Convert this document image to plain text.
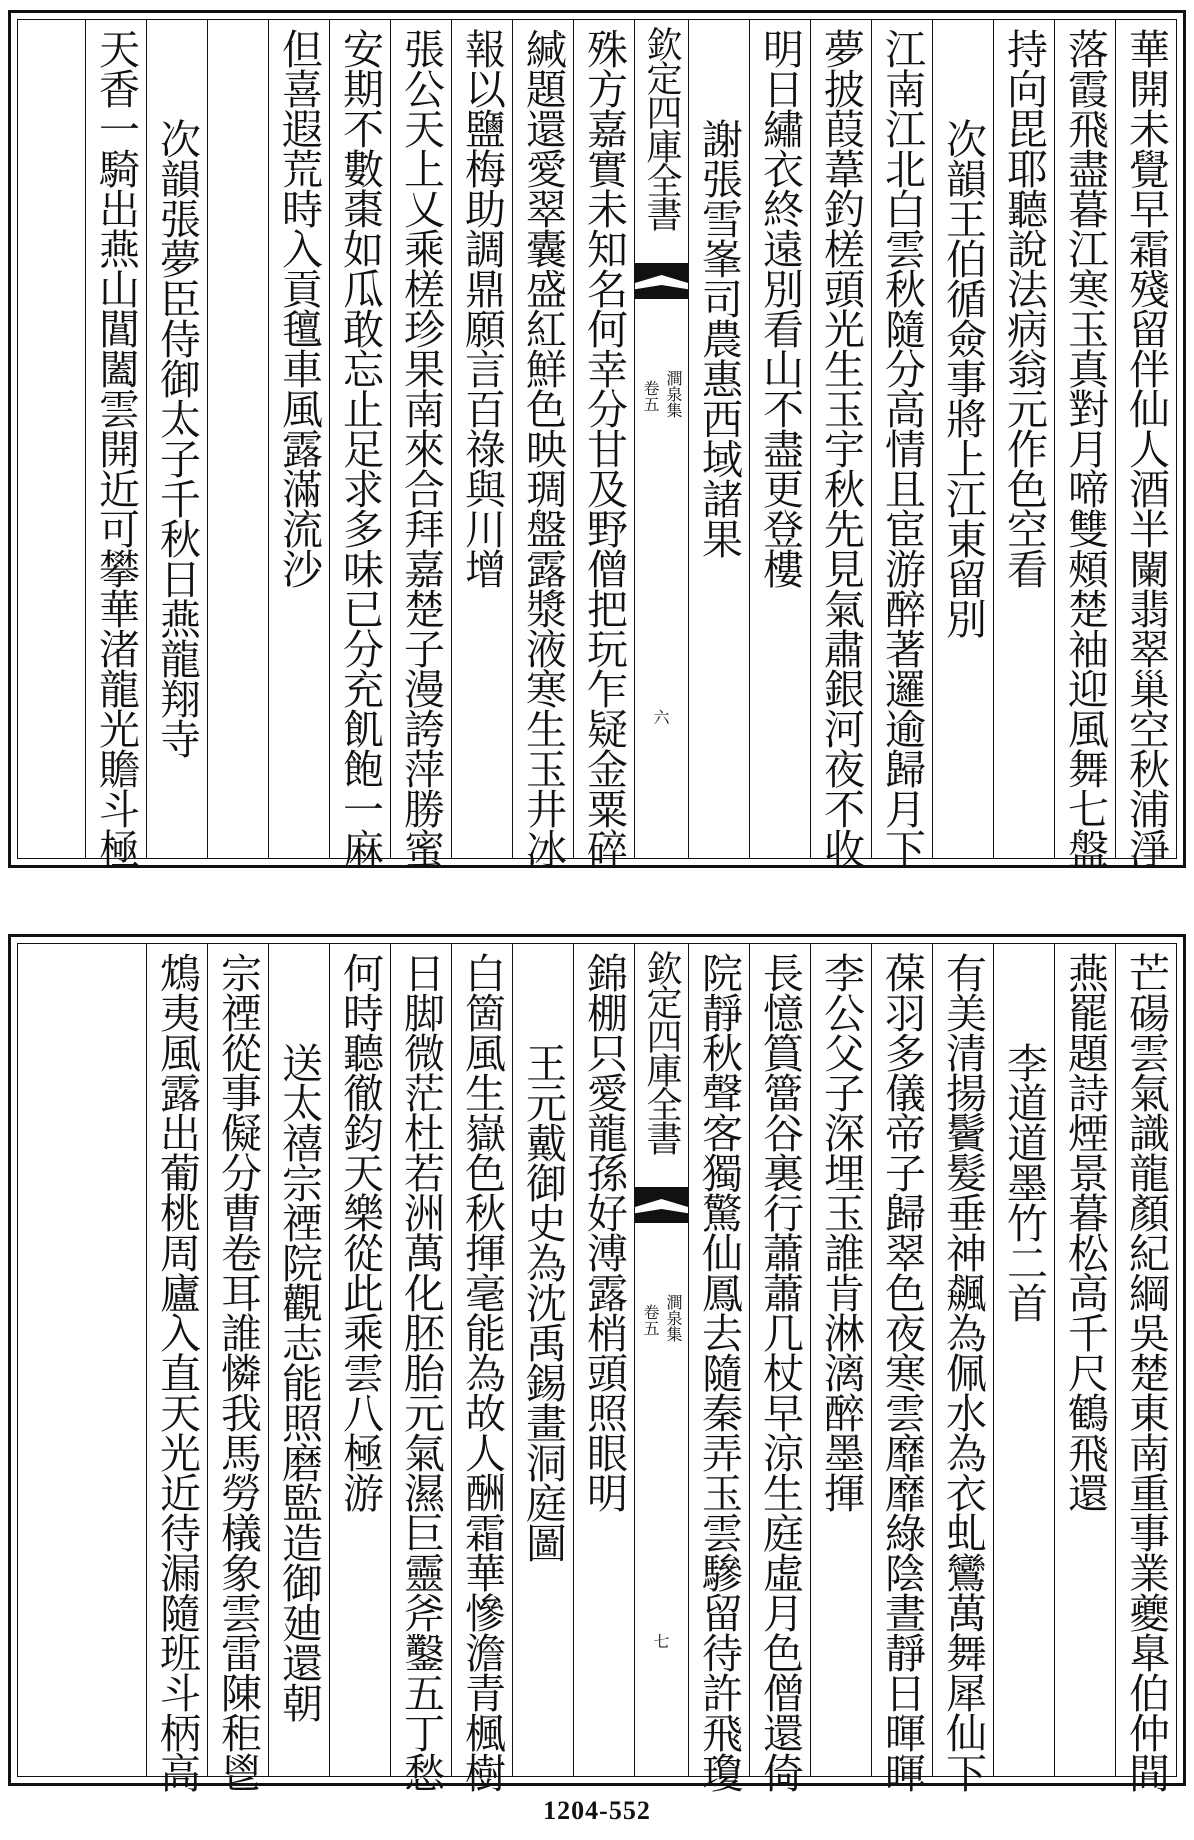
華開未覺早霜殘留伴仙人酒半闌翡翠巢空秋浦淨
落霞飛盡暮江寒玉真對月啼雙頰楚袖迎風舞七盤
持向毘耶聽說法病翁元作色空看
次韻王伯循僉事將上江東留別
江南江北白雲秋隨分高情且宦游醉著邏逾歸月下
夢披葭葦釣槎頭光生玉宇秋先見氣肅銀河夜不收
明日繡衣終遠別看山不盡更登樓
謝張雪峯司農惠西域諸果
欽定四庫全書
澗泉集
卷五
六
殊方嘉實未知名何幸分甘及野僧把玩乍疑金粟碎
緘題還愛翠囊盛紅鮮色映琱盤露漿液寒生玉井冰
報以鹽梅助調鼎願言百祿與川增
張公天上乂乘槎珍果南來合拜嘉楚子漫誇萍勝蜜
安期不數棗如瓜敢忘止足求多味已分充飢飽一麻
但喜遐荒時入貢氊車風露滿流沙
次韻張夢臣侍御太子千秋日燕龍翔寺
天香一騎出燕山閶闔雲開近可攀華渚龍光贍斗極
芒碭雲氣識龍顏紀綱吳楚東南重事業夔臯伯仲間
燕罷題詩煙景暮松高千尺鶴飛還
李道道墨竹二首
有美清揚鬢髮垂神飆為佩水為衣虬鸞萬舞犀仙下
葆羽多儀帝子歸翠色夜寒雲靡靡綠陰晝靜日暉暉
李公父子深埋玉誰肯淋漓醉墨揮
長憶篔簹谷裏行蕭蕭几杖早涼生庭虛月色僧還倚
院靜秋聲客獨驚仙鳳去隨秦弄玉雲驂留待許飛瓊
欽定四庫全書
澗泉集
卷五
七
錦棚只愛龍孫好溥露梢頭照眼明
王元戴御史為沈禹錫畫洞庭圖
白箇風生嶽色秋揮毫能為故人酬霜華慘澹青楓樹
日脚微茫杜若洲萬化胚胎元氣濕巨靈斧鑿五丁愁
何時聽徹鈞天樂從此乘雲八極游
送太禧宗禋院觀志能照磨監造御廸還朝
宗禋從事儗分曹卷耳誰憐我馬勞檥象雲雷陳秬鬯
鴆夷風露出葡桃周廬入直天光近待漏隨班斗柄高
1204-552
